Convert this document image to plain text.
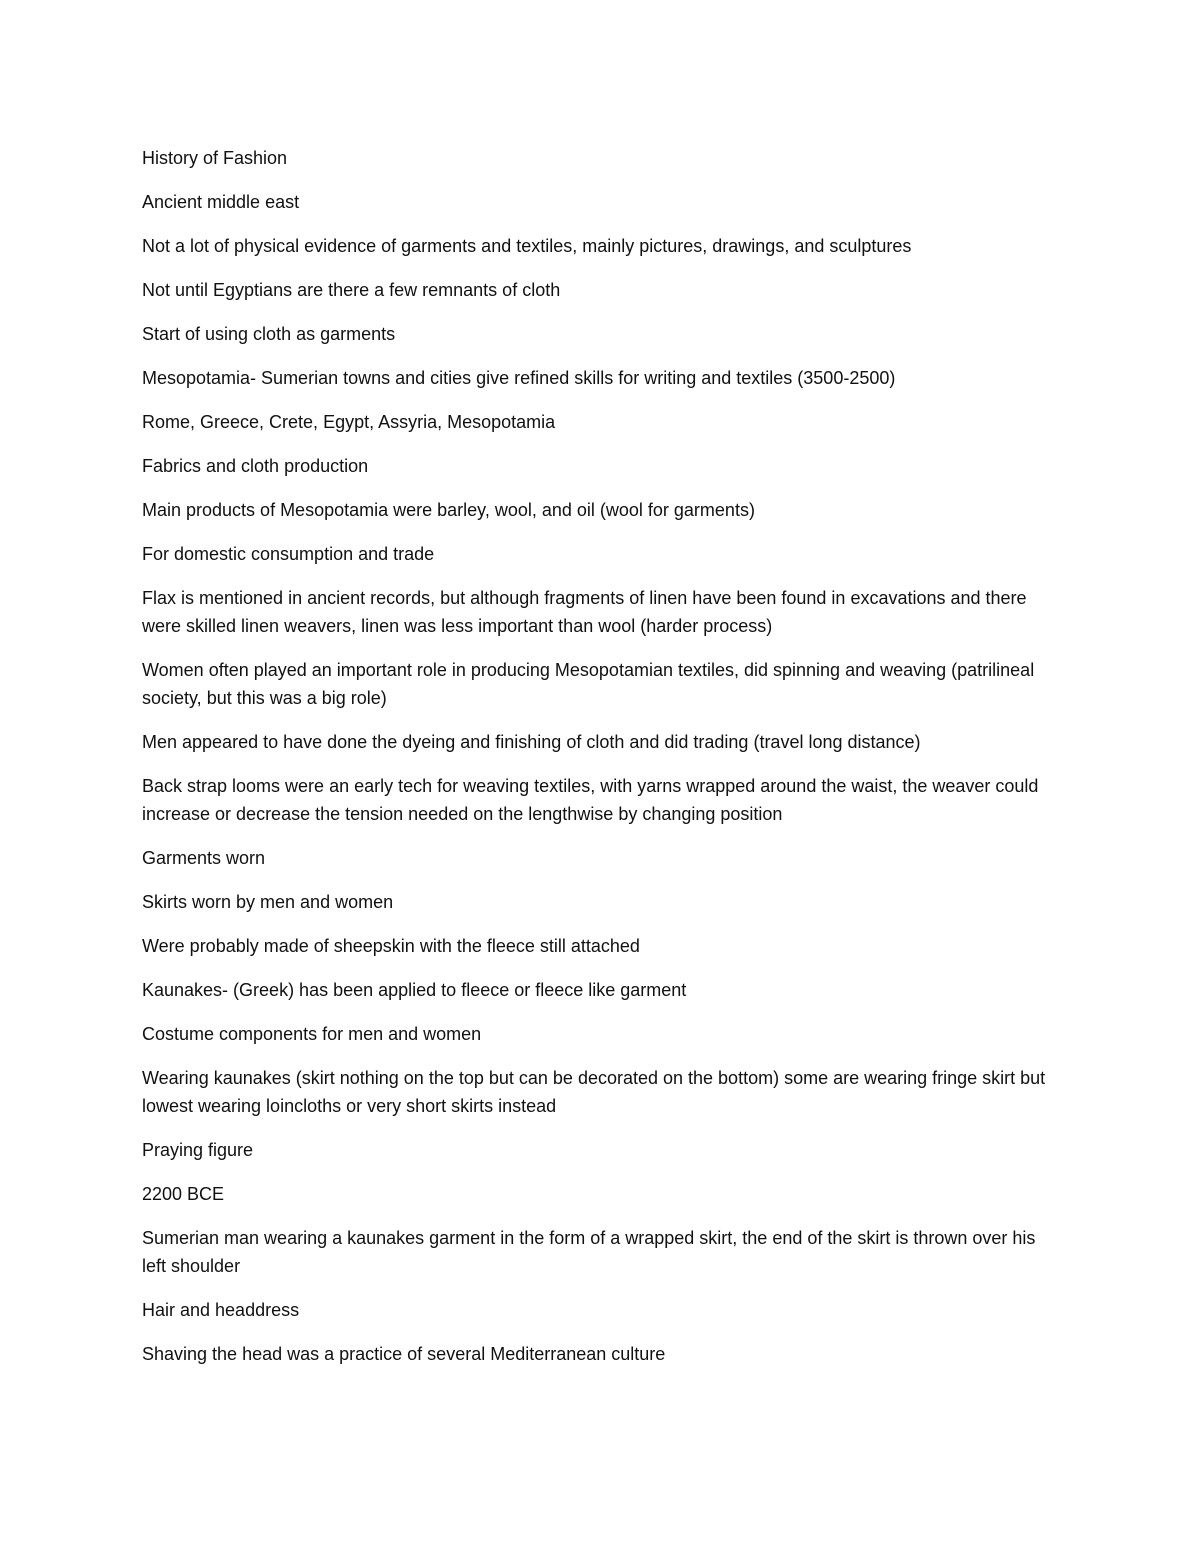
History of Fashion

Ancient middle east

Not a lot of physical evidence of garments and textiles, mainly pictures, drawings, and sculptures

Not until Egyptians are there a few remnants of cloth

Start of using cloth as garments

Mesopotamia- Sumerian towns and cities give refined skills for writing and textiles (3500-2500)

Rome, Greece, Crete, Egypt, Assyria, Mesopotamia

Fabrics and cloth production

Main products of Mesopotamia were barley, wool, and oil (wool for garments)

For domestic consumption and trade

Flax is mentioned in ancient records, but although fragments of linen have been found in excavations and there were skilled linen weavers, linen was less important than wool (harder process)

Women often played an important role in producing Mesopotamian textiles, did spinning and weaving (patrilineal society, but this was a big role)

Men appeared to have done the dyeing and finishing of cloth and did trading (travel long distance)

Back strap looms were an early tech for weaving textiles, with yarns wrapped around the waist, the weaver could increase or decrease the tension needed on the lengthwise by changing position

Garments worn

Skirts worn by men and women

Were probably made of sheepskin with the fleece still attached

Kaunakes- (Greek) has been applied to fleece or fleece like garment

Costume components for men and women

Wearing kaunakes (skirt nothing on the top but can be decorated on the bottom) some are wearing fringe skirt but lowest wearing loincloths or very short skirts instead

Praying figure

2200 BCE

Sumerian man wearing a kaunakes garment in the form of a wrapped skirt, the end of the skirt is thrown over his left shoulder

Hair and headdress

Shaving the head was a practice of several Mediterranean culture
